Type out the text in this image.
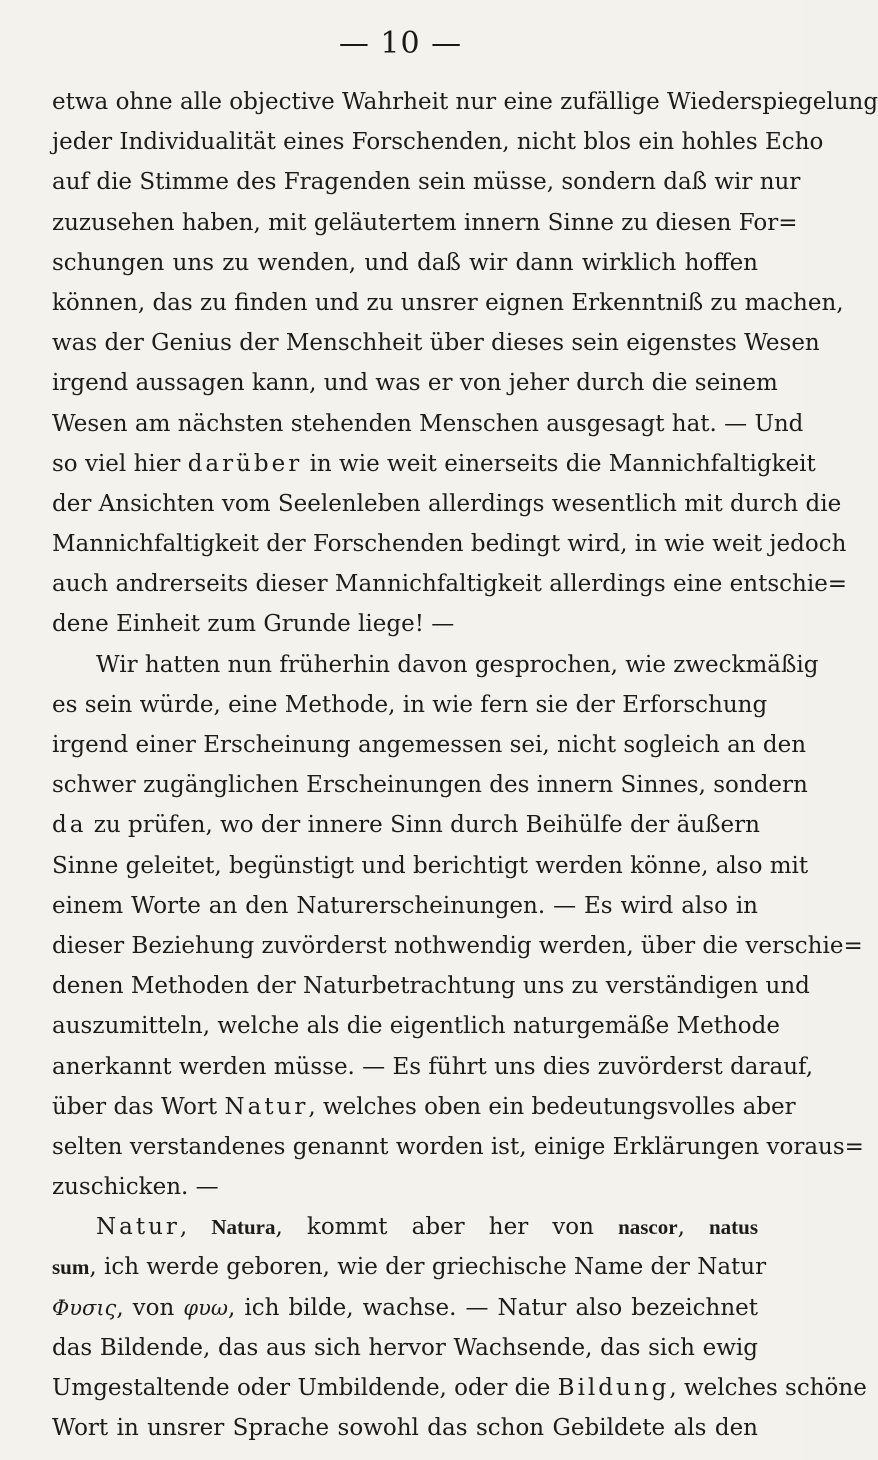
— 10 —
etwa ohne alle objective Wahrheit nur eine zufällige Wiederspiegelung
jeder Individualität eines Forschenden, nicht blos ein hohles Echo
auf die Stimme des Fragenden sein müsse, sondern daß wir nur
zuzusehen haben, mit geläutertem innern Sinne zu diesen For=
schungen uns zu wenden, und daß wir dann wirklich hoffen
können, das zu finden und zu unsrer eignen Erkenntniß zu machen,
was der Genius der Menschheit über dieses sein eigenstes Wesen
irgend aussagen kann, und was er von jeher durch die seinem
Wesen am nächsten stehenden Menschen ausgesagt hat. — Und
so viel hier darüber in wie weit einerseits die Mannichfaltigkeit
der Ansichten vom Seelenleben allerdings wesentlich mit durch die
Mannichfaltigkeit der Forschenden bedingt wird, in wie weit jedoch
auch andrerseits dieser Mannichfaltigkeit allerdings eine entschie=
dene Einheit zum Grunde liege! —
Wir hatten nun früherhin davon gesprochen, wie zweckmäßig
es sein würde, eine Methode, in wie fern sie der Erforschung
irgend einer Erscheinung angemessen sei, nicht sogleich an den
schwer zugänglichen Erscheinungen des innern Sinnes, sondern
da zu prüfen, wo der innere Sinn durch Beihülfe der äußern
Sinne geleitet, begünstigt und berichtigt werden könne, also mit
einem Worte an den Naturerscheinungen. — Es wird also in
dieser Beziehung zuvörderst nothwendig werden, über die verschie=
denen Methoden der Naturbetrachtung uns zu verständigen und
auszumitteln, welche als die eigentlich naturgemäße Methode
anerkannt werden müsse. — Es führt uns dies zuvörderst darauf,
über das Wort Natur, welches oben ein bedeutungsvolles aber
selten verstandenes genannt worden ist, einige Erklärungen voraus=
zuschicken. —
Natur, Natura, kommt aber her von nascor, natus
sum, ich werde geboren, wie der griechische Name der Natur
Φυσις, von φυω, ich bilde, wachse. — Natur also bezeichnet
das Bildende, das aus sich hervor Wachsende, das sich ewig
Umgestaltende oder Umbildende, oder die Bildung, welches schöne
Wort in unsrer Sprache sowohl das schon Gebildete als den
